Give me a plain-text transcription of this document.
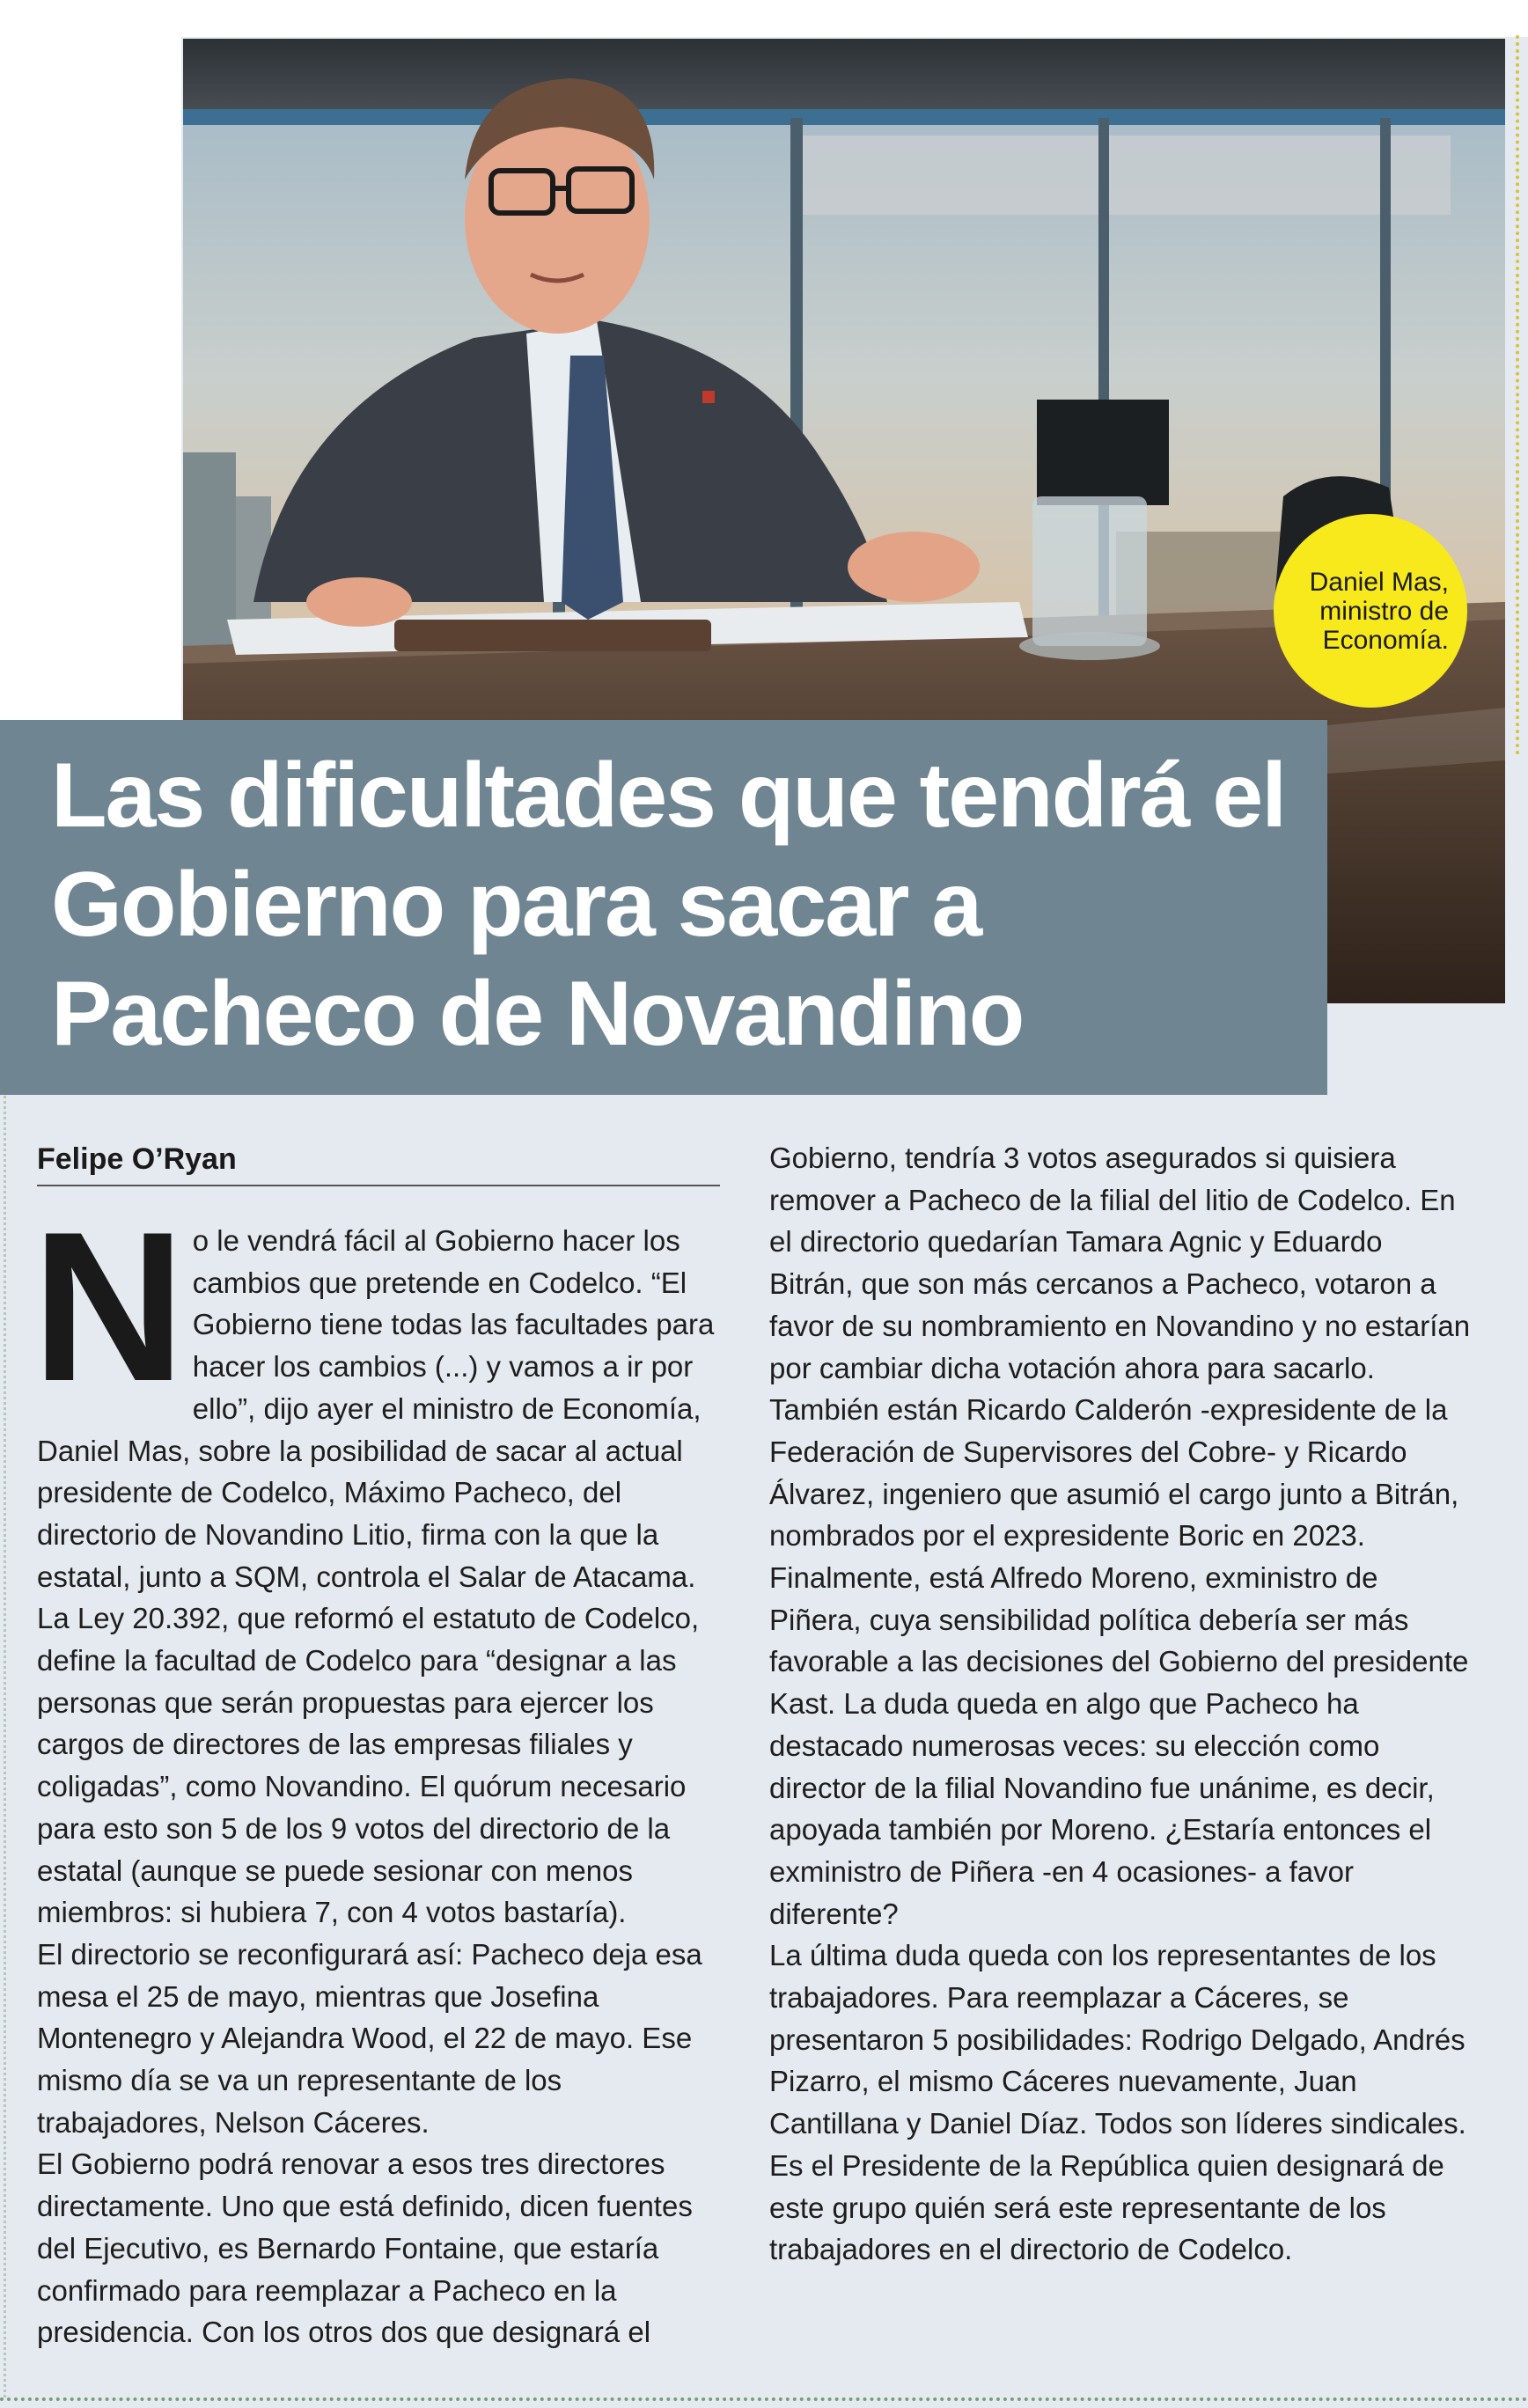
Daniel Mas,
ministro de
Economía.
Las dificultades que tendrá el Gobierno para sacar a Pacheco de Novandino
Felipe O’Ryan

No le vendrá fácil al Gobierno hacer los cambios que pretende en Codelco. “El Gobierno tiene todas las facultades para hacer los cambios (...) y vamos a ir por ello”, dijo ayer el ministro de Economía, Daniel Mas, sobre la posibilidad de sacar al actual presidente de Codelco, Máximo Pacheco, del directorio de Novandino Litio, firma con la que la estatal, junto a SQM, controla el Salar de Atacama.

La Ley 20.392, que reformó el estatuto de Codelco, define la facultad de Codelco para “designar a las personas que serán propuestas para ejercer los cargos de directores de las empresas filiales y coligadas”, como Novandino. El quórum necesario para esto son 5 de los 9 votos del directorio de la estatal (aunque se puede sesionar con menos miembros: si hubiera 7, con 4 votos bastaría).

El directorio se reconfigurará así: Pacheco deja esa mesa el 25 de mayo, mientras que Josefina Montenegro y Alejandra Wood, el 22 de mayo. Ese mismo día se va un representante de los trabajadores, Nelson Cáceres.

El Gobierno podrá renovar a esos tres directores directamente. Uno que está definido, dicen fuentes del Ejecutivo, es Bernardo Fontaine, que estaría confirmado para reemplazar a Pacheco en la presidencia. Con los otros dos que designará el

Gobierno, tendría 3 votos asegurados si quisiera remover a Pacheco de la filial del litio de Codelco. En el directorio quedarían Tamara Agnic y Eduardo Bitrán, que son más cercanos a Pacheco, votaron a favor de su nombramiento en Novandino y no estarían por cambiar dicha votación ahora para sacarlo. También están Ricardo Calderón -expresidente de la Federación de Supervisores del Cobre- y Ricardo Álvarez, ingeniero que asumió el cargo junto a Bitrán, nombrados por el expresidente Boric en 2023.

Finalmente, está Alfredo Moreno, exministro de Piñera, cuya sensibilidad política debería ser más favorable a las decisiones del Gobierno del presidente Kast. La duda queda en algo que Pacheco ha destacado numerosas veces: su elección como director de la filial Novandino fue unánime, es decir, apoyada también por Moreno. ¿Estaría entonces el exministro de Piñera -en 4 ocasiones- a favor diferente?

La última duda queda con los representantes de los trabajadores. Para reemplazar a Cáceres, se presentaron 5 posibilidades: Rodrigo Delgado, Andrés Pizarro, el mismo Cáceres nuevamente, Juan Cantillana y Daniel Díaz. Todos son líderes sindicales. Es el Presidente de la República quien designará de este grupo quién será este representante de los trabajadores en el directorio de Codelco.
